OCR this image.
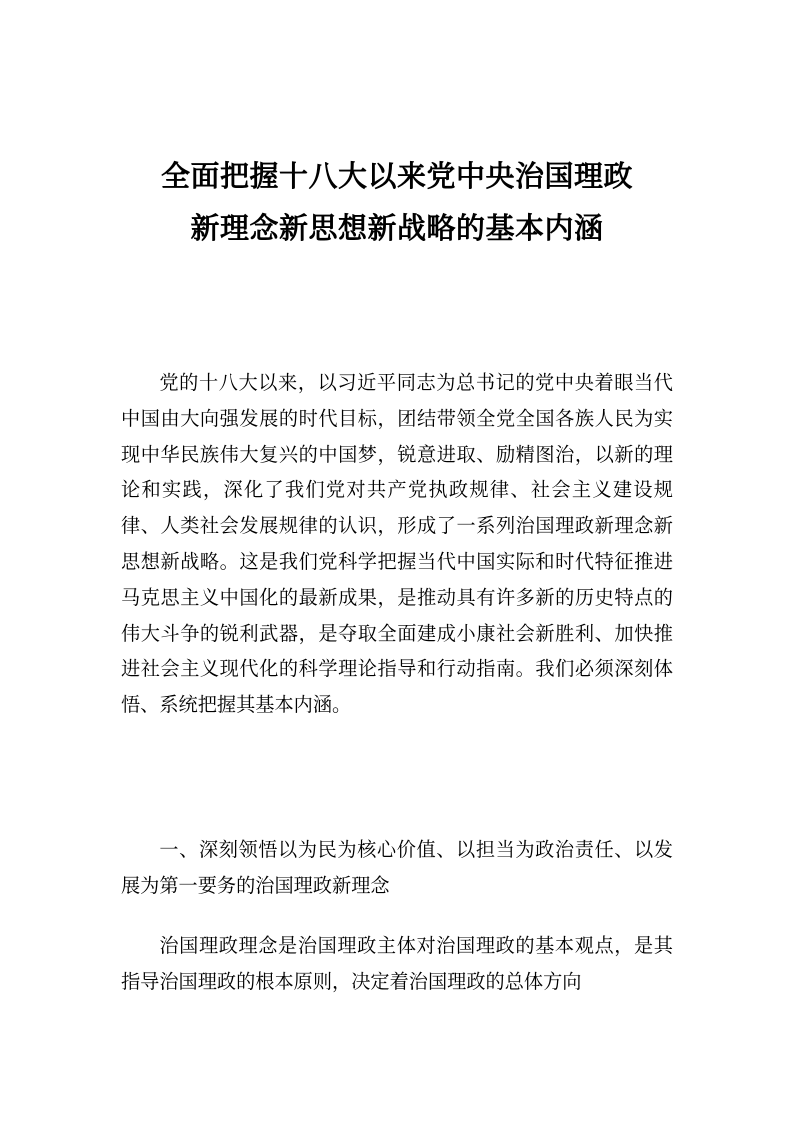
全面把握十八大以来党中央治国理政
新理念新思想新战略的基本内涵

党的十八大以来，以习近平同志为总书记的党中央着眼当代中国由大向强发展的时代目标，团结带领全党全国各族人民为实现中华民族伟大复兴的中国梦，锐意进取、励精图治，以新的理论和实践，深化了我们党对共产党执政规律、社会主义建设规律、人类社会发展规律的认识，形成了一系列治国理政新理念新思想新战略。这是我们党科学把握当代中国实际和时代特征推进马克思主义中国化的最新成果，是推动具有许多新的历史特点的伟大斗争的锐利武器，是夺取全面建成小康社会新胜利、加快推进社会主义现代化的科学理论指导和行动指南。我们必须深刻体悟、系统把握其基本内涵。

一、深刻领悟以为民为核心价值、以担当为政治责任、以发展为第一要务的治国理政新理念

治国理政理念是治国理政主体对治国理政的基本观点，是其指导治国理政的根本原则，决定着治国理政的总体方向
